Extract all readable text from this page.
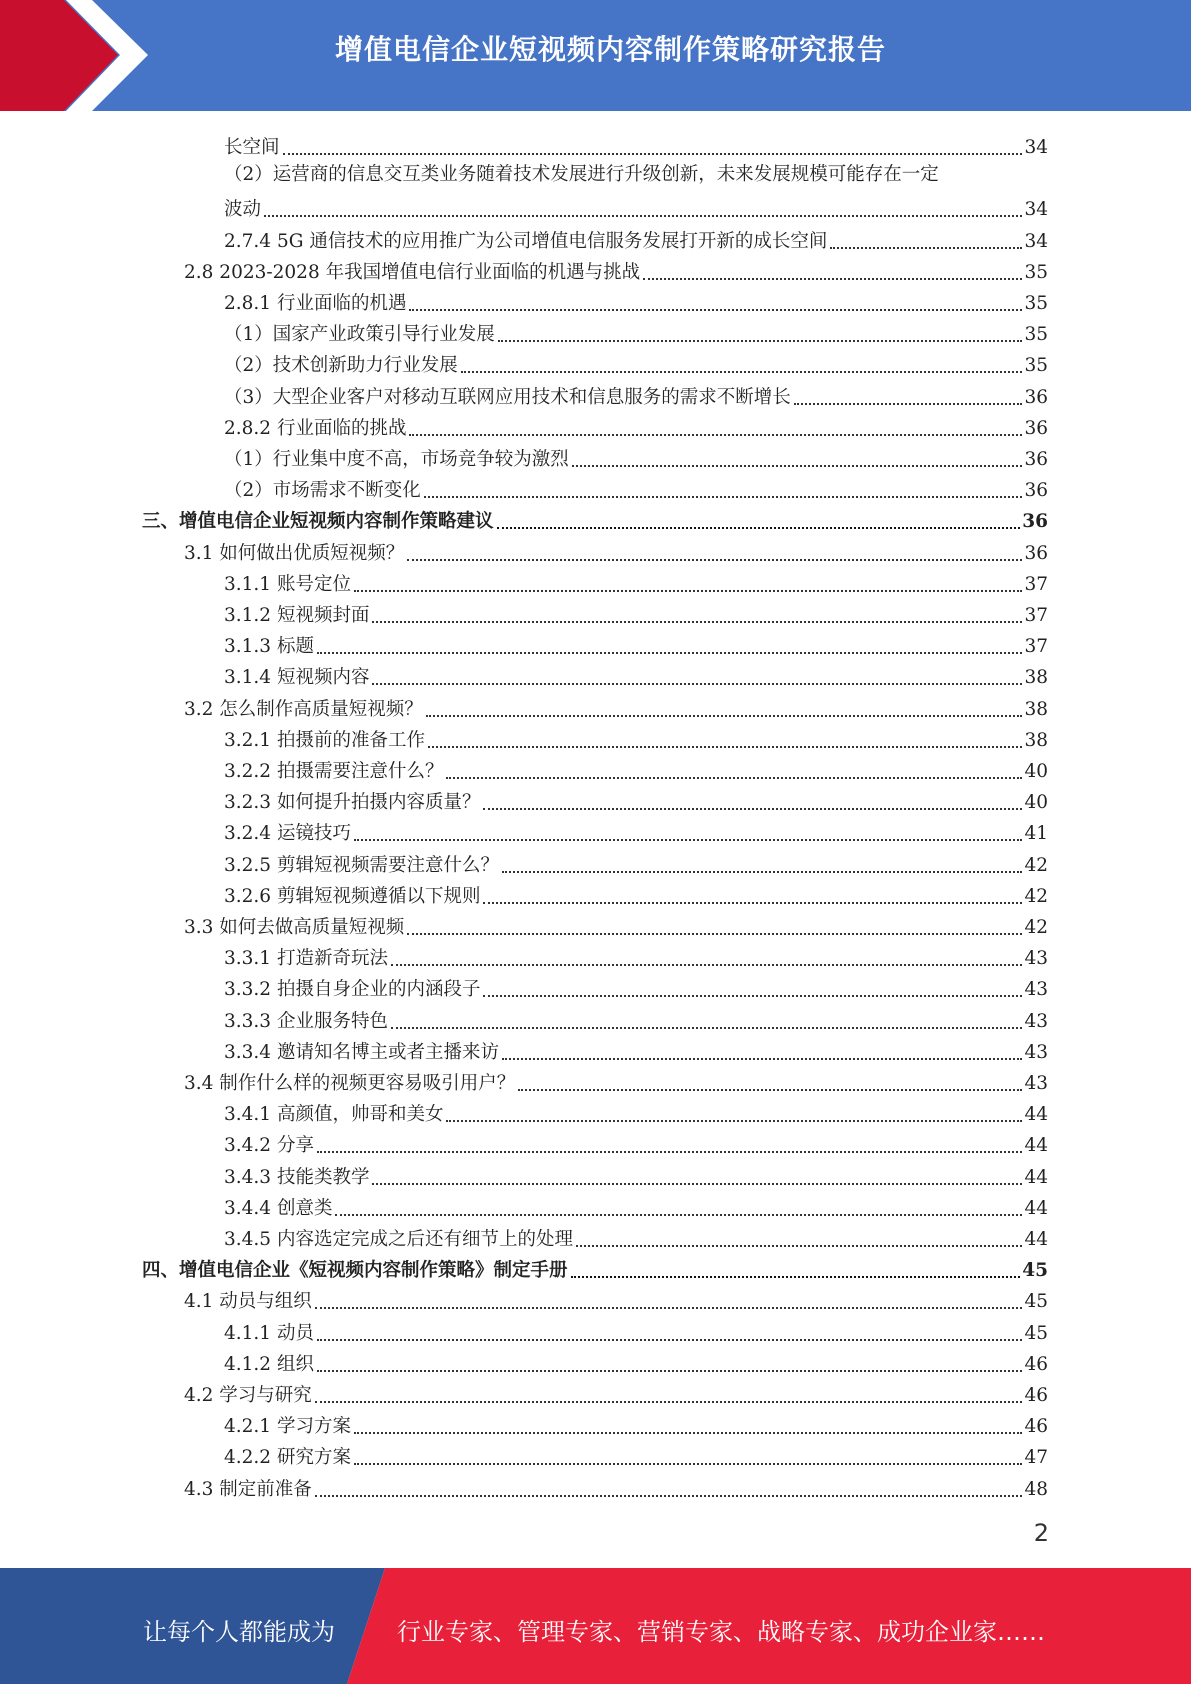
增值电信企业短视频内容制作策略研究报告
长空间	34
（2）运营商的信息交互类业务随着技术发展进行升级创新，未来发展规模可能存在一定
波动	34
2.7.4 5G 通信技术的应用推广为公司增值电信服务发展打开新的成长空间	34
2.8 2023-2028 年我国增值电信行业面临的机遇与挑战	35
2.8.1 行业面临的机遇	35
（1）国家产业政策引导行业发展	35
（2）技术创新助力行业发展	35
（3）大型企业客户对移动互联网应用技术和信息服务的需求不断增长	36
2.8.2 行业面临的挑战	36
（1）行业集中度不高，市场竞争较为激烈	36
（2）市场需求不断变化	36
三、增值电信企业短视频内容制作策略建议	36
3.1 如何做出优质短视频？	36
3.1.1 账号定位	37
3.1.2 短视频封面	37
3.1.3 标题	37
3.1.4 短视频内容	38
3.2 怎么制作高质量短视频？	38
3.2.1 拍摄前的准备工作	38
3.2.2 拍摄需要注意什么？	40
3.2.3 如何提升拍摄内容质量？	40
3.2.4 运镜技巧	41
3.2.5 剪辑短视频需要注意什么？	42
3.2.6 剪辑短视频遵循以下规则	42
3.3 如何去做高质量短视频	42
3.3.1 打造新奇玩法	43
3.3.2 拍摄自身企业的内涵段子	43
3.3.3 企业服务特色	43
3.3.4 邀请知名博主或者主播来访	43
3.4 制作什么样的视频更容易吸引用户？	43
3.4.1 高颜值，帅哥和美女	44
3.4.2 分享	44
3.4.3 技能类教学	44
3.4.4 创意类	44
3.4.5 内容选定完成之后还有细节上的处理	44
四、增值电信企业《短视频内容制作策略》制定手册	45
4.1 动员与组织	45
4.1.1 动员	45
4.1.2 组织	46
4.2 学习与研究	46
4.2.1 学习方案	46
4.2.2 研究方案	47
4.3 制定前准备	48
2
让每个人都能成为	行业专家、管理专家、营销专家、战略专家、成功企业家……
